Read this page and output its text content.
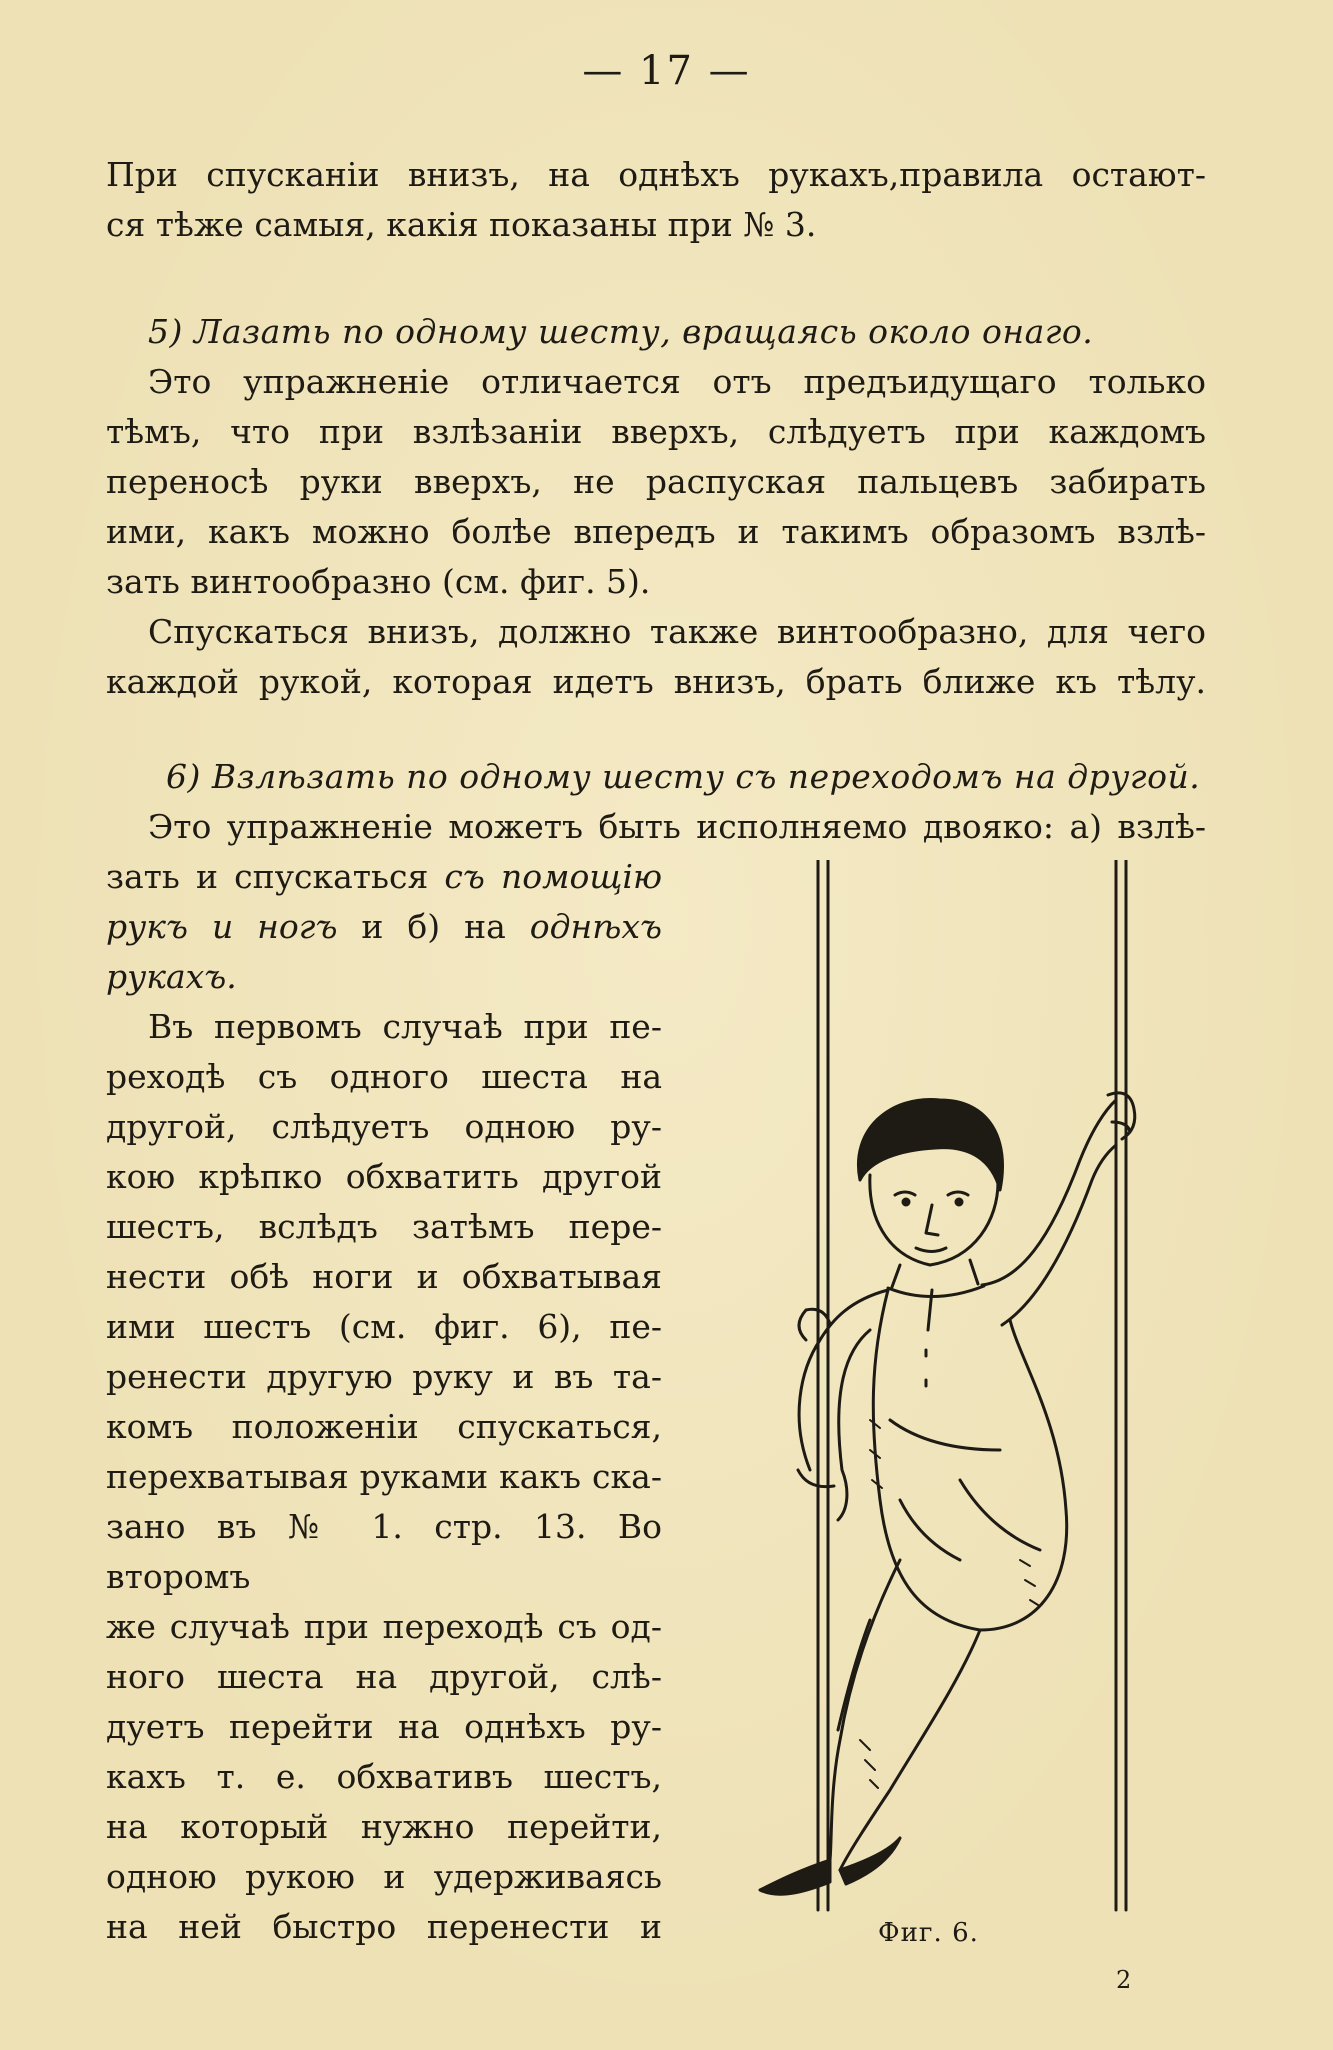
— 17 —
При спусканіи внизъ, на однѣхъ рукахъ,правила остают-
ся тѣже самыя, какія показаны при № 3.
5) Лазать по одному шесту, вращаясь около онаго.
Это упражненіе отличается отъ предъидущаго только
тѣмъ, что при взлѣзаніи вверхъ, слѣдуетъ при каждомъ
переносѣ руки вверхъ, не распуская пальцевъ забирать
ими, какъ можно болѣе впередъ и такимъ образомъ взлѣ-
зать винтообразно (см. фиг. 5).
Спускаться внизъ, должно также винтообразно, для чего
каждой рукой, которая идетъ внизъ, брать ближе къ тѣлу.
6) Взлѣзать по одному шесту съ переходомъ на другой.
Это упражненіе можетъ быть исполняемо двояко: а) взлѣ-
зать и спускаться съ помощію
рукъ и ногъ и б) на однѣхъ
рукахъ.
Въ первомъ случаѣ при пе-
реходѣ съ одного шеста на
другой, слѣдуетъ одною ру-
кою крѣпко обхватить другой
шестъ, вслѣдъ затѣмъ пере-
нести обѣ ноги и обхватывая
ими шестъ (см. фиг. 6), пе-
ренести другую руку и въ та-
комъ положеніи спускаться,
перехватывая руками какъ ска-
зано въ № 1. стр. 13. Во второмъ
же случаѣ при переходѣ съ од-
ного шеста на другой, слѣ-
дуетъ перейти на однѣхъ ру-
кахъ т. е. обхвативъ шестъ,
на который нужно перейти,
одною рукою и удерживаясь
на ней быстро перенести и	Фиг. 6.
2
